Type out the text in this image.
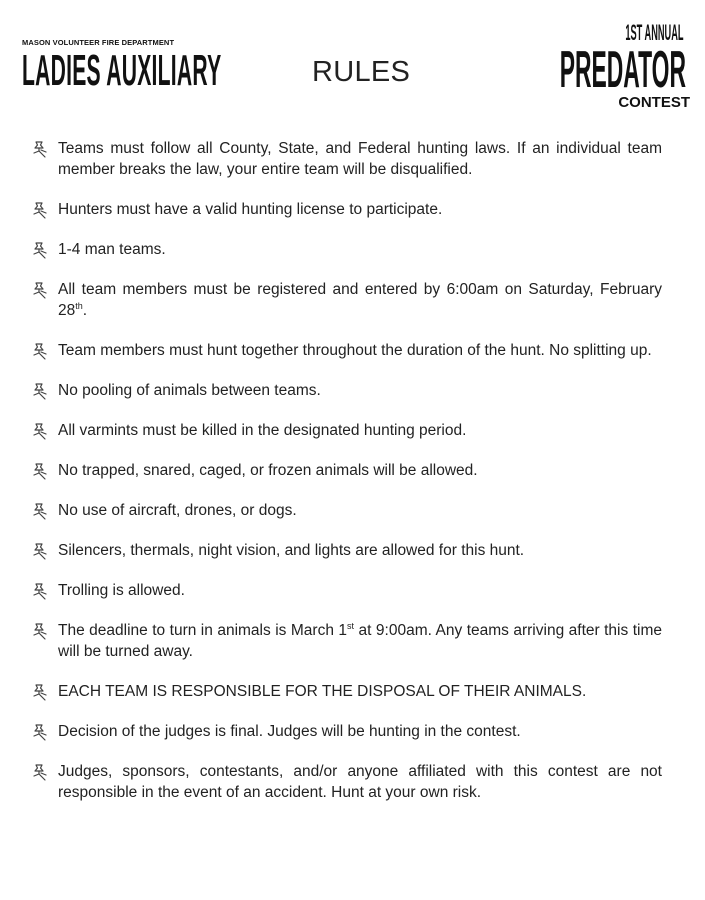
MASON VOLUNTEER FIRE DEPARTMENT
LADIES AUXILIARY	RULES
1ST ANNUAL
PREDATOR
CONTEST
Teams must follow all County, State, and Federal hunting laws. If an individual team member breaks the law, your entire team will be disqualified.
Hunters must have a valid hunting license to participate.
1-4 man teams.
All team members must be registered and entered by 6:00am on Saturday, February 28th.
Team members must hunt together throughout the duration of the hunt. No splitting up.
No pooling of animals between teams.
All varmints must be killed in the designated hunting period.
No trapped, snared, caged, or frozen animals will be allowed.
No use of aircraft, drones, or dogs.
Silencers, thermals, night vision, and lights are allowed for this hunt.
Trolling is allowed.
The deadline to turn in animals is March 1st at 9:00am. Any teams arriving after this time will be turned away.
EACH TEAM IS RESPONSIBLE FOR THE DISPOSAL OF THEIR ANIMALS.
Decision of the judges is final. Judges will be hunting in the contest.
Judges, sponsors, contestants, and/or anyone affiliated with this contest are not responsible in the event of an accident. Hunt at your own risk.
